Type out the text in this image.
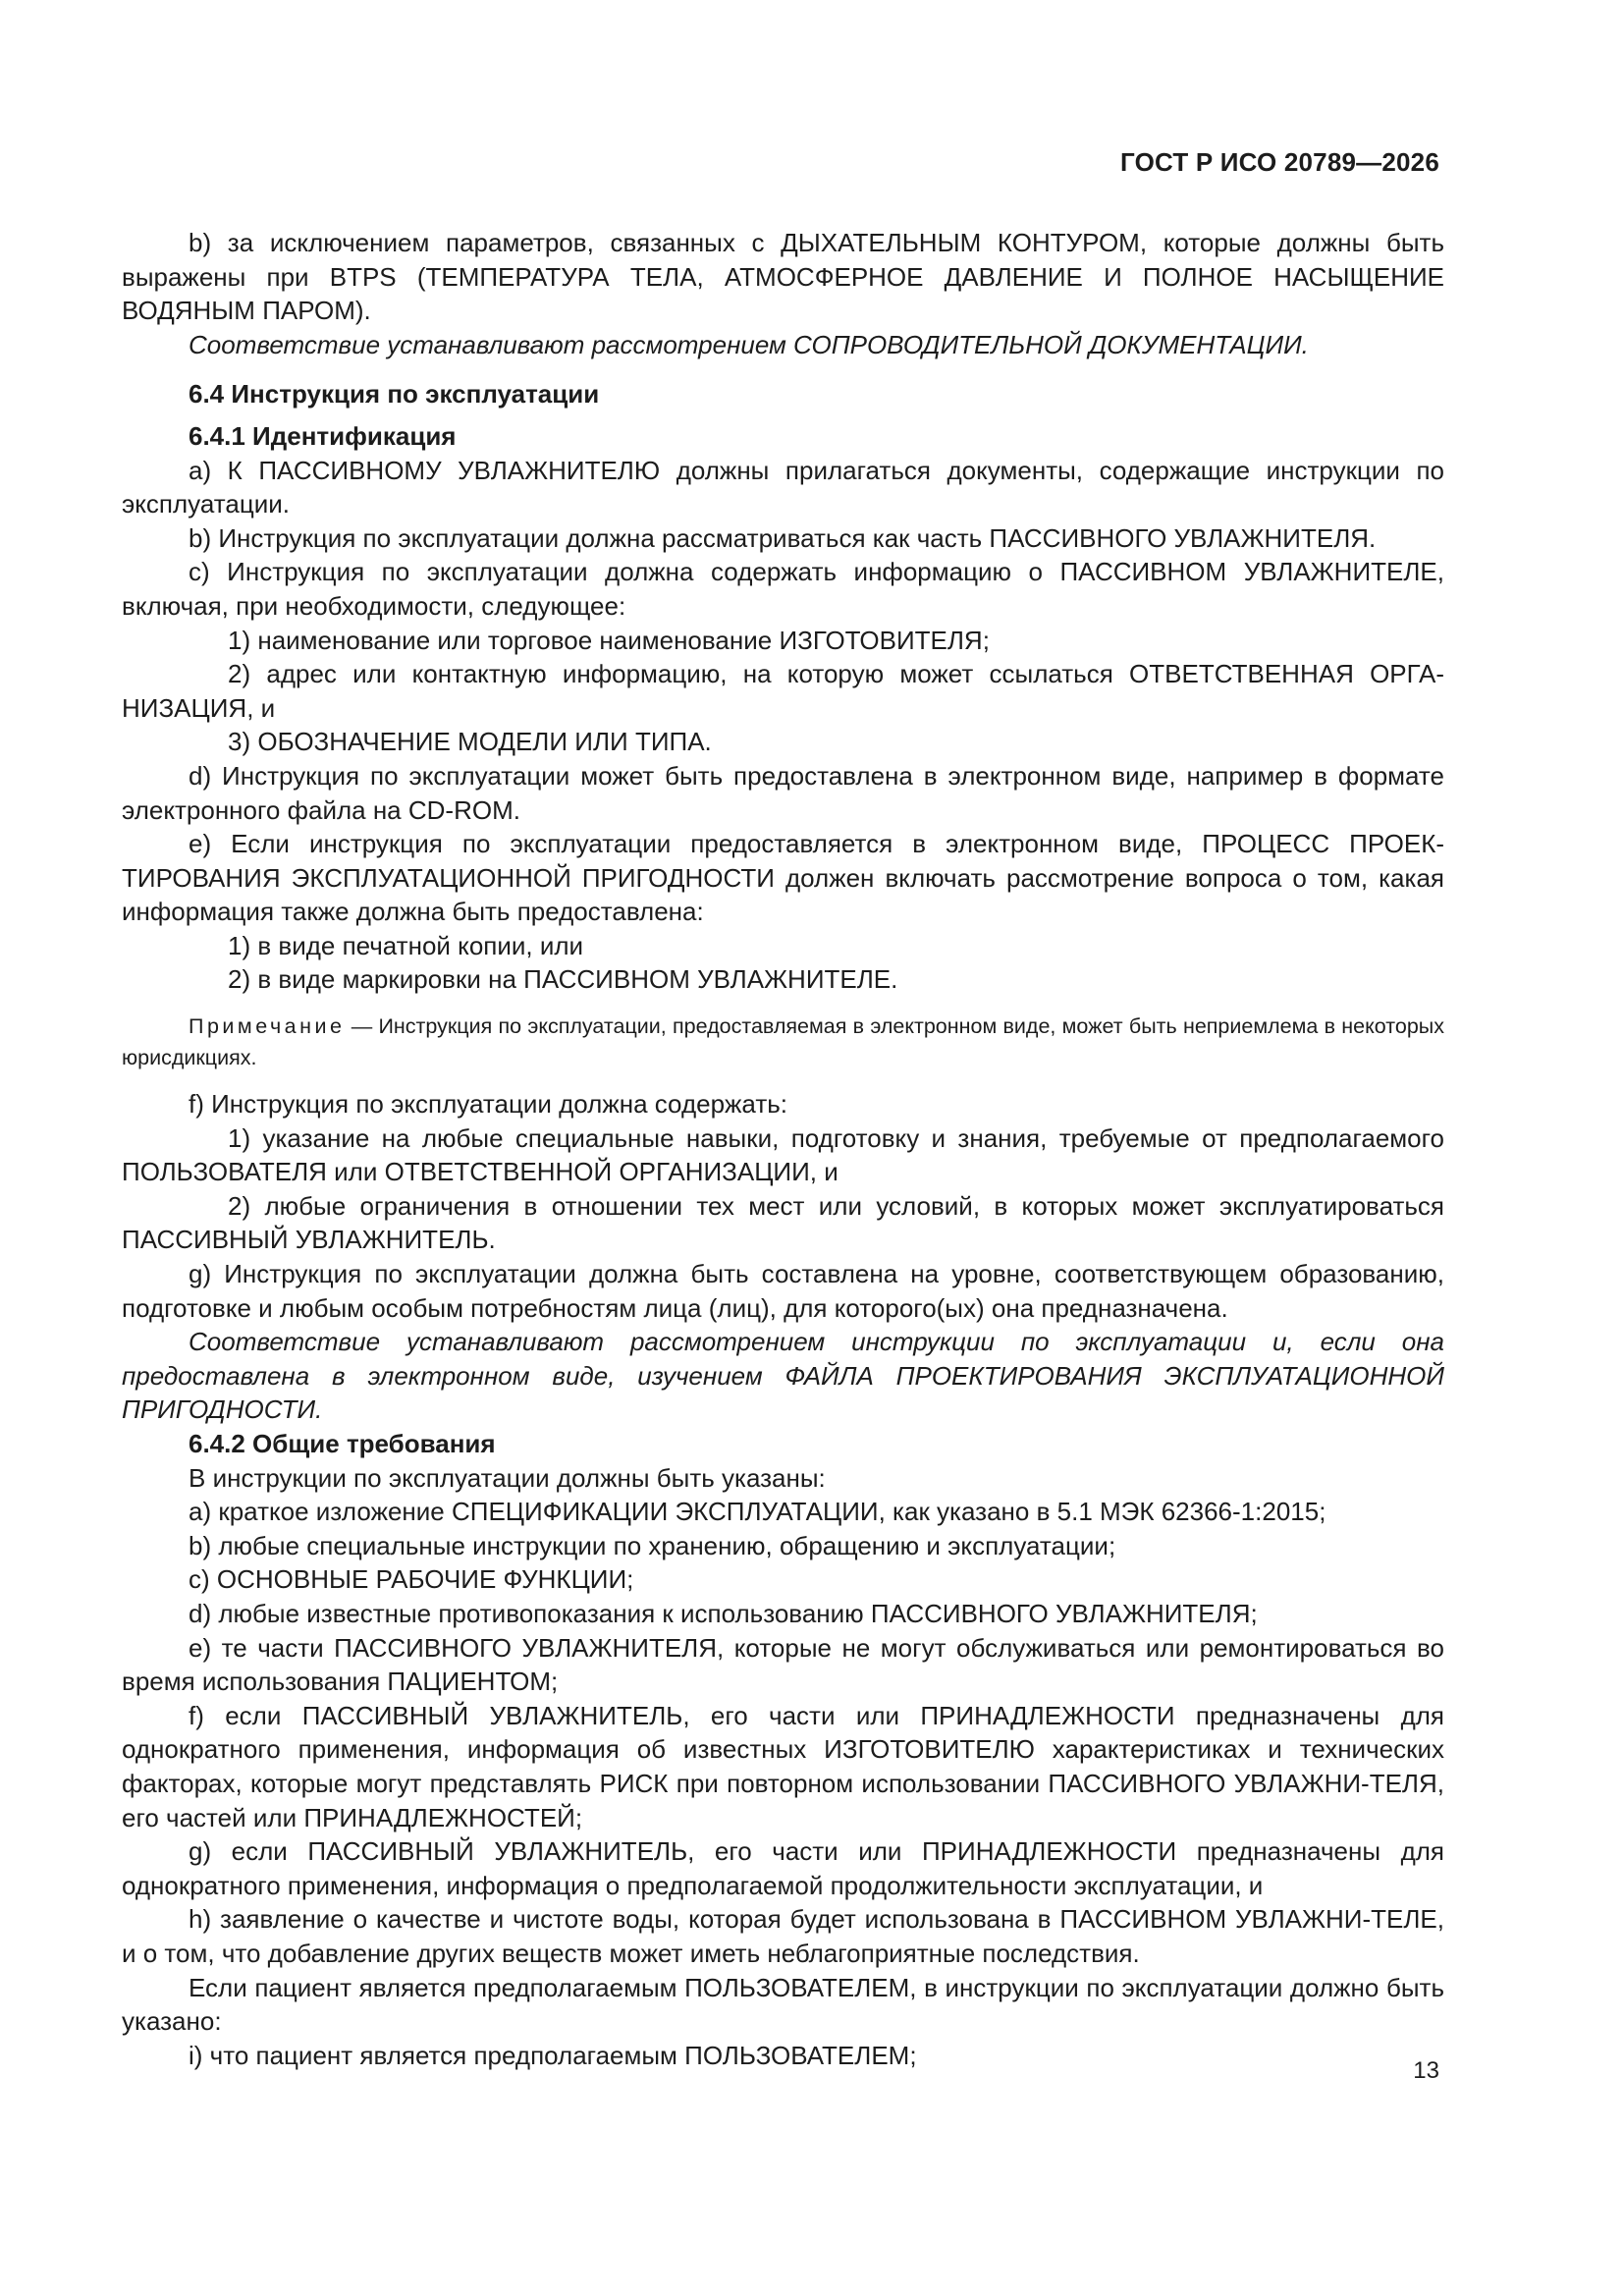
ГОСТ Р ИСО 20789—2026

b) за исключением параметров, связанных с ДЫХАТЕЛЬНЫМ КОНТУРОМ, которые должны быть выражены при BTPS (ТЕМПЕРАТУРА ТЕЛА, АТМОСФЕРНОЕ ДАВЛЕНИЕ И ПОЛНОЕ НАСЫЩЕНИЕ ВОДЯНЫМ ПАРОМ).

Соответствие устанавливают рассмотрением СОПРОВОДИТЕЛЬНОЙ ДОКУМЕНТАЦИИ.

6.4 Инструкция по эксплуатации

6.4.1 Идентификация

а) К ПАССИВНОМУ УВЛАЖНИТЕЛЮ должны прилагаться документы, содержащие инструкции по эксплуатации.

b) Инструкция по эксплуатации должна рассматриваться как часть ПАССИВНОГО УВЛАЖНИТЕЛЯ.

c) Инструкция по эксплуатации должна содержать информацию о ПАССИВНОМ УВЛАЖНИТЕЛЕ, включая, при необходимости, следующее:

1) наименование или торговое наименование ИЗГОТОВИТЕЛЯ;

2) адрес или контактную информацию, на которую может ссылаться ОТВЕТСТВЕННАЯ ОРГА-НИЗАЦИЯ, и

3) ОБОЗНАЧЕНИЕ МОДЕЛИ ИЛИ ТИПА.

d) Инструкция по эксплуатации может быть предоставлена в электронном виде, например в формате электронного файла на CD-ROM.

e) Если инструкция по эксплуатации предоставляется в электронном виде, ПРОЦЕСС ПРОЕК-ТИРОВАНИЯ ЭКСПЛУАТАЦИОННОЙ ПРИГОДНОСТИ должен включать рассмотрение вопроса о том, какая информация также должна быть предоставлена:

1) в виде печатной копии, или

2) в виде маркировки на ПАССИВНОМ УВЛАЖНИТЕЛЕ.

Примечание — Инструкция по эксплуатации, предоставляемая в электронном виде, может быть неприемлема в некоторых юрисдикциях.

f) Инструкция по эксплуатации должна содержать:

1) указание на любые специальные навыки, подготовку и знания, требуемые от предполагаемого ПОЛЬЗОВАТЕЛЯ или ОТВЕТСТВЕННОЙ ОРГАНИЗАЦИИ, и

2) любые ограничения в отношении тех мест или условий, в которых может эксплуатироваться ПАССИВНЫЙ УВЛАЖНИТЕЛЬ.

g) Инструкция по эксплуатации должна быть составлена на уровне, соответствующем образованию, подготовке и любым особым потребностям лица (лиц), для которого(ых) она предназначена.

Соответствие устанавливают рассмотрением инструкции по эксплуатации и, если она предоставлена в электронном виде, изучением ФАЙЛА ПРОЕКТИРОВАНИЯ ЭКСПЛУАТАЦИОННОЙ ПРИГОДНОСТИ.

6.4.2 Общие требования

В инструкции по эксплуатации должны быть указаны:

а) краткое изложение СПЕЦИФИКАЦИИ ЭКСПЛУАТАЦИИ, как указано в 5.1 МЭК 62366-1:2015;

b) любые специальные инструкции по хранению, обращению и эксплуатации;

c) ОСНОВНЫЕ РАБОЧИЕ ФУНКЦИИ;

d) любые известные противопоказания к использованию ПАССИВНОГО УВЛАЖНИТЕЛЯ;

e) те части ПАССИВНОГО УВЛАЖНИТЕЛЯ, которые не могут обслуживаться или ремонтироваться во время использования ПАЦИЕНТОМ;

f) если ПАССИВНЫЙ УВЛАЖНИТЕЛЬ, его части или ПРИНАДЛЕЖНОСТИ предназначены для однократного применения, информация об известных ИЗГОТОВИТЕЛЮ характеристиках и технических факторах, которые могут представлять РИСК при повторном использовании ПАССИВНОГО УВЛАЖНИ-ТЕЛЯ, его частей или ПРИНАДЛЕЖНОСТЕЙ;

g) если ПАССИВНЫЙ УВЛАЖНИТЕЛЬ, его части или ПРИНАДЛЕЖНОСТИ предназначены для однократного применения, информация о предполагаемой продолжительности эксплуатации, и

h) заявление о качестве и чистоте воды, которая будет использована в ПАССИВНОМ УВЛАЖНИ-ТЕЛЕ, и о том, что добавление других веществ может иметь неблагоприятные последствия.

Если пациент является предполагаемым ПОЛЬЗОВАТЕЛЕМ, в инструкции по эксплуатации должно быть указано:

i) что пациент является предполагаемым ПОЛЬЗОВАТЕЛЕМ;

13
